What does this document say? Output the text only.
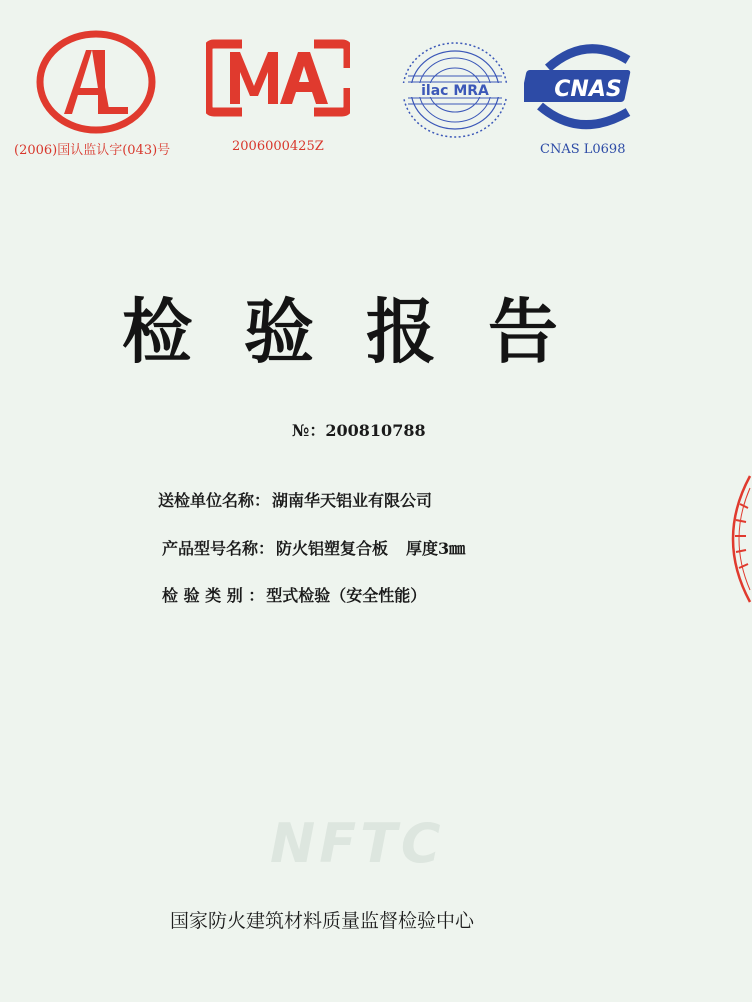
ilac MRA	CNAS
(2006)国认监认字(043)号	2006000425Z	CNAS L0698
检验报告
№：200810788
送检单位名称： 湖南华天铝业有限公司
产品型号名称： 防火铝塑复合板 厚度3㎜
检 验 类 别 ： 型式检验（安全性能）
NFTC
国家防火建筑材料质量监督检验中心
